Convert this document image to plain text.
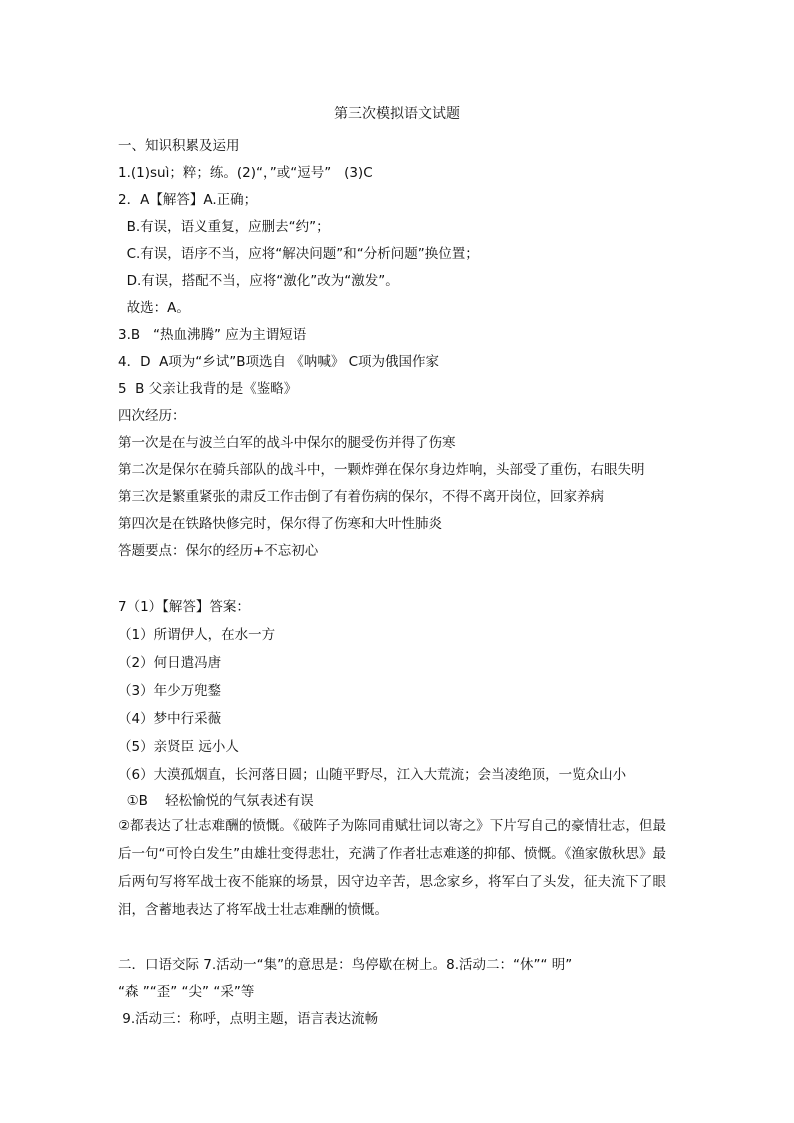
第三次模拟语文试题
一、知识积累及运用
1.(1)suì；粹；练。(2)“，”或“逗号”   (3)C
2．A【解答】A.正确；
B.有误，语义重复，应删去“约”；
C.有误，语序不当，应将“解决问题”和“分析问题”换位置；
D.有误，搭配不当，应将“激化”改为“激发”。
故选：A。
3.B   “热血沸腾” 应为主谓短语
4．D  A项为“乡试”B项选自 《呐喊》 C项为俄国作家
5  B 父亲让我背的是《鉴略》
四次经历：
第一次是在与波兰白军的战斗中保尔的腿受伤并得了伤寒
第二次是保尔在骑兵部队的战斗中，一颗炸弹在保尔身边炸响，头部受了重伤，右眼失明
第三次是繁重紧张的肃反工作击倒了有着伤病的保尔，不得不离开岗位，回家养病
第四次是在铁路快修完时，保尔得了伤寒和大叶性肺炎
答题要点：保尔的经历+不忘初心
7（1）【解答】答案：
（1）所谓伊人，在水一方
（2）何日遣冯唐
（3）年少万兜鍪
（4）梦中行采薇
（5）亲贤臣 远小人
（6）大漠孤烟直，长河落日圆；山随平野尽，江入大荒流；会当凌绝顶，一览众山小
①B    轻松愉悦的气氛表述有误
②都表达了壮志难酬的愤慨。《破阵子为陈同甫赋壮词以寄之》下片写自己的豪情壮志，但最后一句“可怜白发生”由雄壮变得悲壮，充满了作者壮志难遂的抑郁、愤慨。《渔家傲秋思》最后两句写将军战士夜不能寐的场景，因守边辛苦，思念家乡，将军白了头发，征夫流下了眼泪，含蓄地表达了将军战士壮志难酬的愤慨。
二．口语交际 7.活动一“集”的意思是：鸟停歇在树上。8.活动二：“休”“ 明”
“森 ”“歪” “尖” “采”等
9.活动三：称呼，点明主题，语言表达流畅
